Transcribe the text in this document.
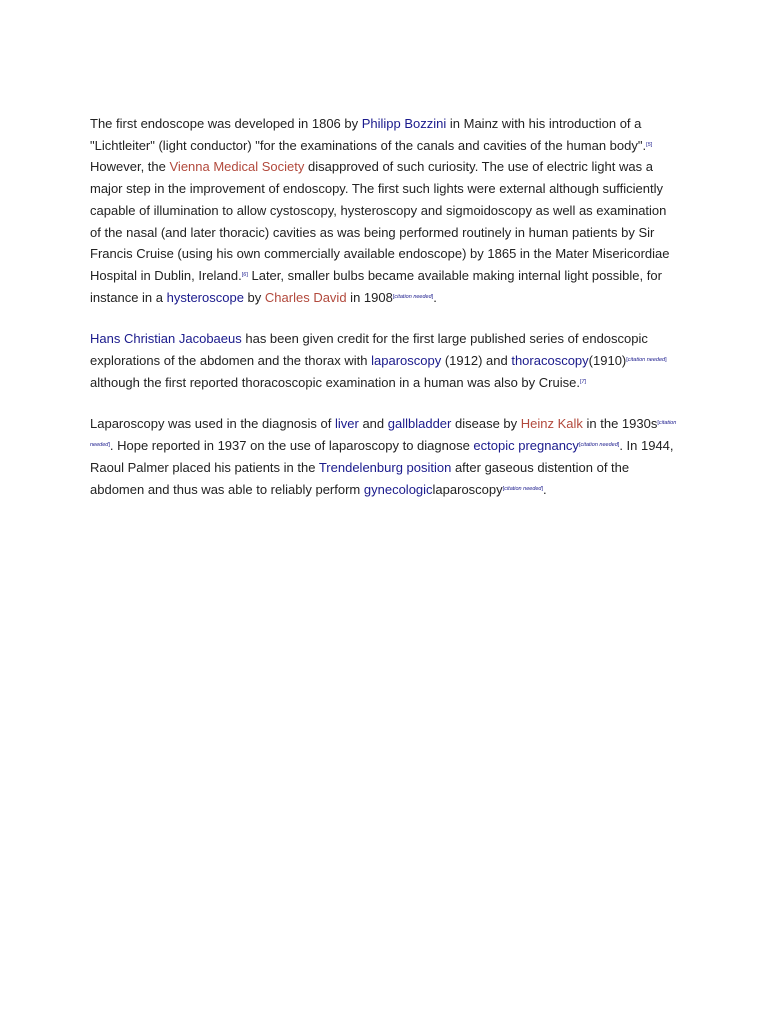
The first endoscope was developed in 1806 by Philipp Bozzini in Mainz with his introduction of a "Lichtleiter" (light conductor) "for the examinations of the canals and cavities of the human body".[5] However, the Vienna Medical Society disapproved of such curiosity. The use of electric light was a major step in the improvement of endoscopy. The first such lights were external although sufficiently capable of illumination to allow cystoscopy, hysteroscopy and sigmoidoscopy as well as examination of the nasal (and later thoracic) cavities as was being performed routinely in human patients by Sir Francis Cruise (using his own commercially available endoscope) by 1865 in the Mater Misericordiae Hospital in Dublin, Ireland.[6] Later, smaller bulbs became available making internal light possible, for instance in a hysteroscope by Charles David in 1908[citation needed].

Hans Christian Jacobaeus has been given credit for the first large published series of endoscopic explorations of the abdomen and the thorax with laparoscopy (1912) and thoracoscopy(1910)[citation needed] although the first reported thoracoscopic examination in a human was also by Cruise.[7]

Laparoscopy was used in the diagnosis of liver and gallbladder disease by Heinz Kalk in the 1930s[citation needed]. Hope reported in 1937 on the use of laparoscopy to diagnose ectopic pregnancy[citation needed]. In 1944, Raoul Palmer placed his patients in the Trendelenburg position after gaseous distention of the abdomen and thus was able to reliably perform gynecologiclaparoscopy[citation needed].
